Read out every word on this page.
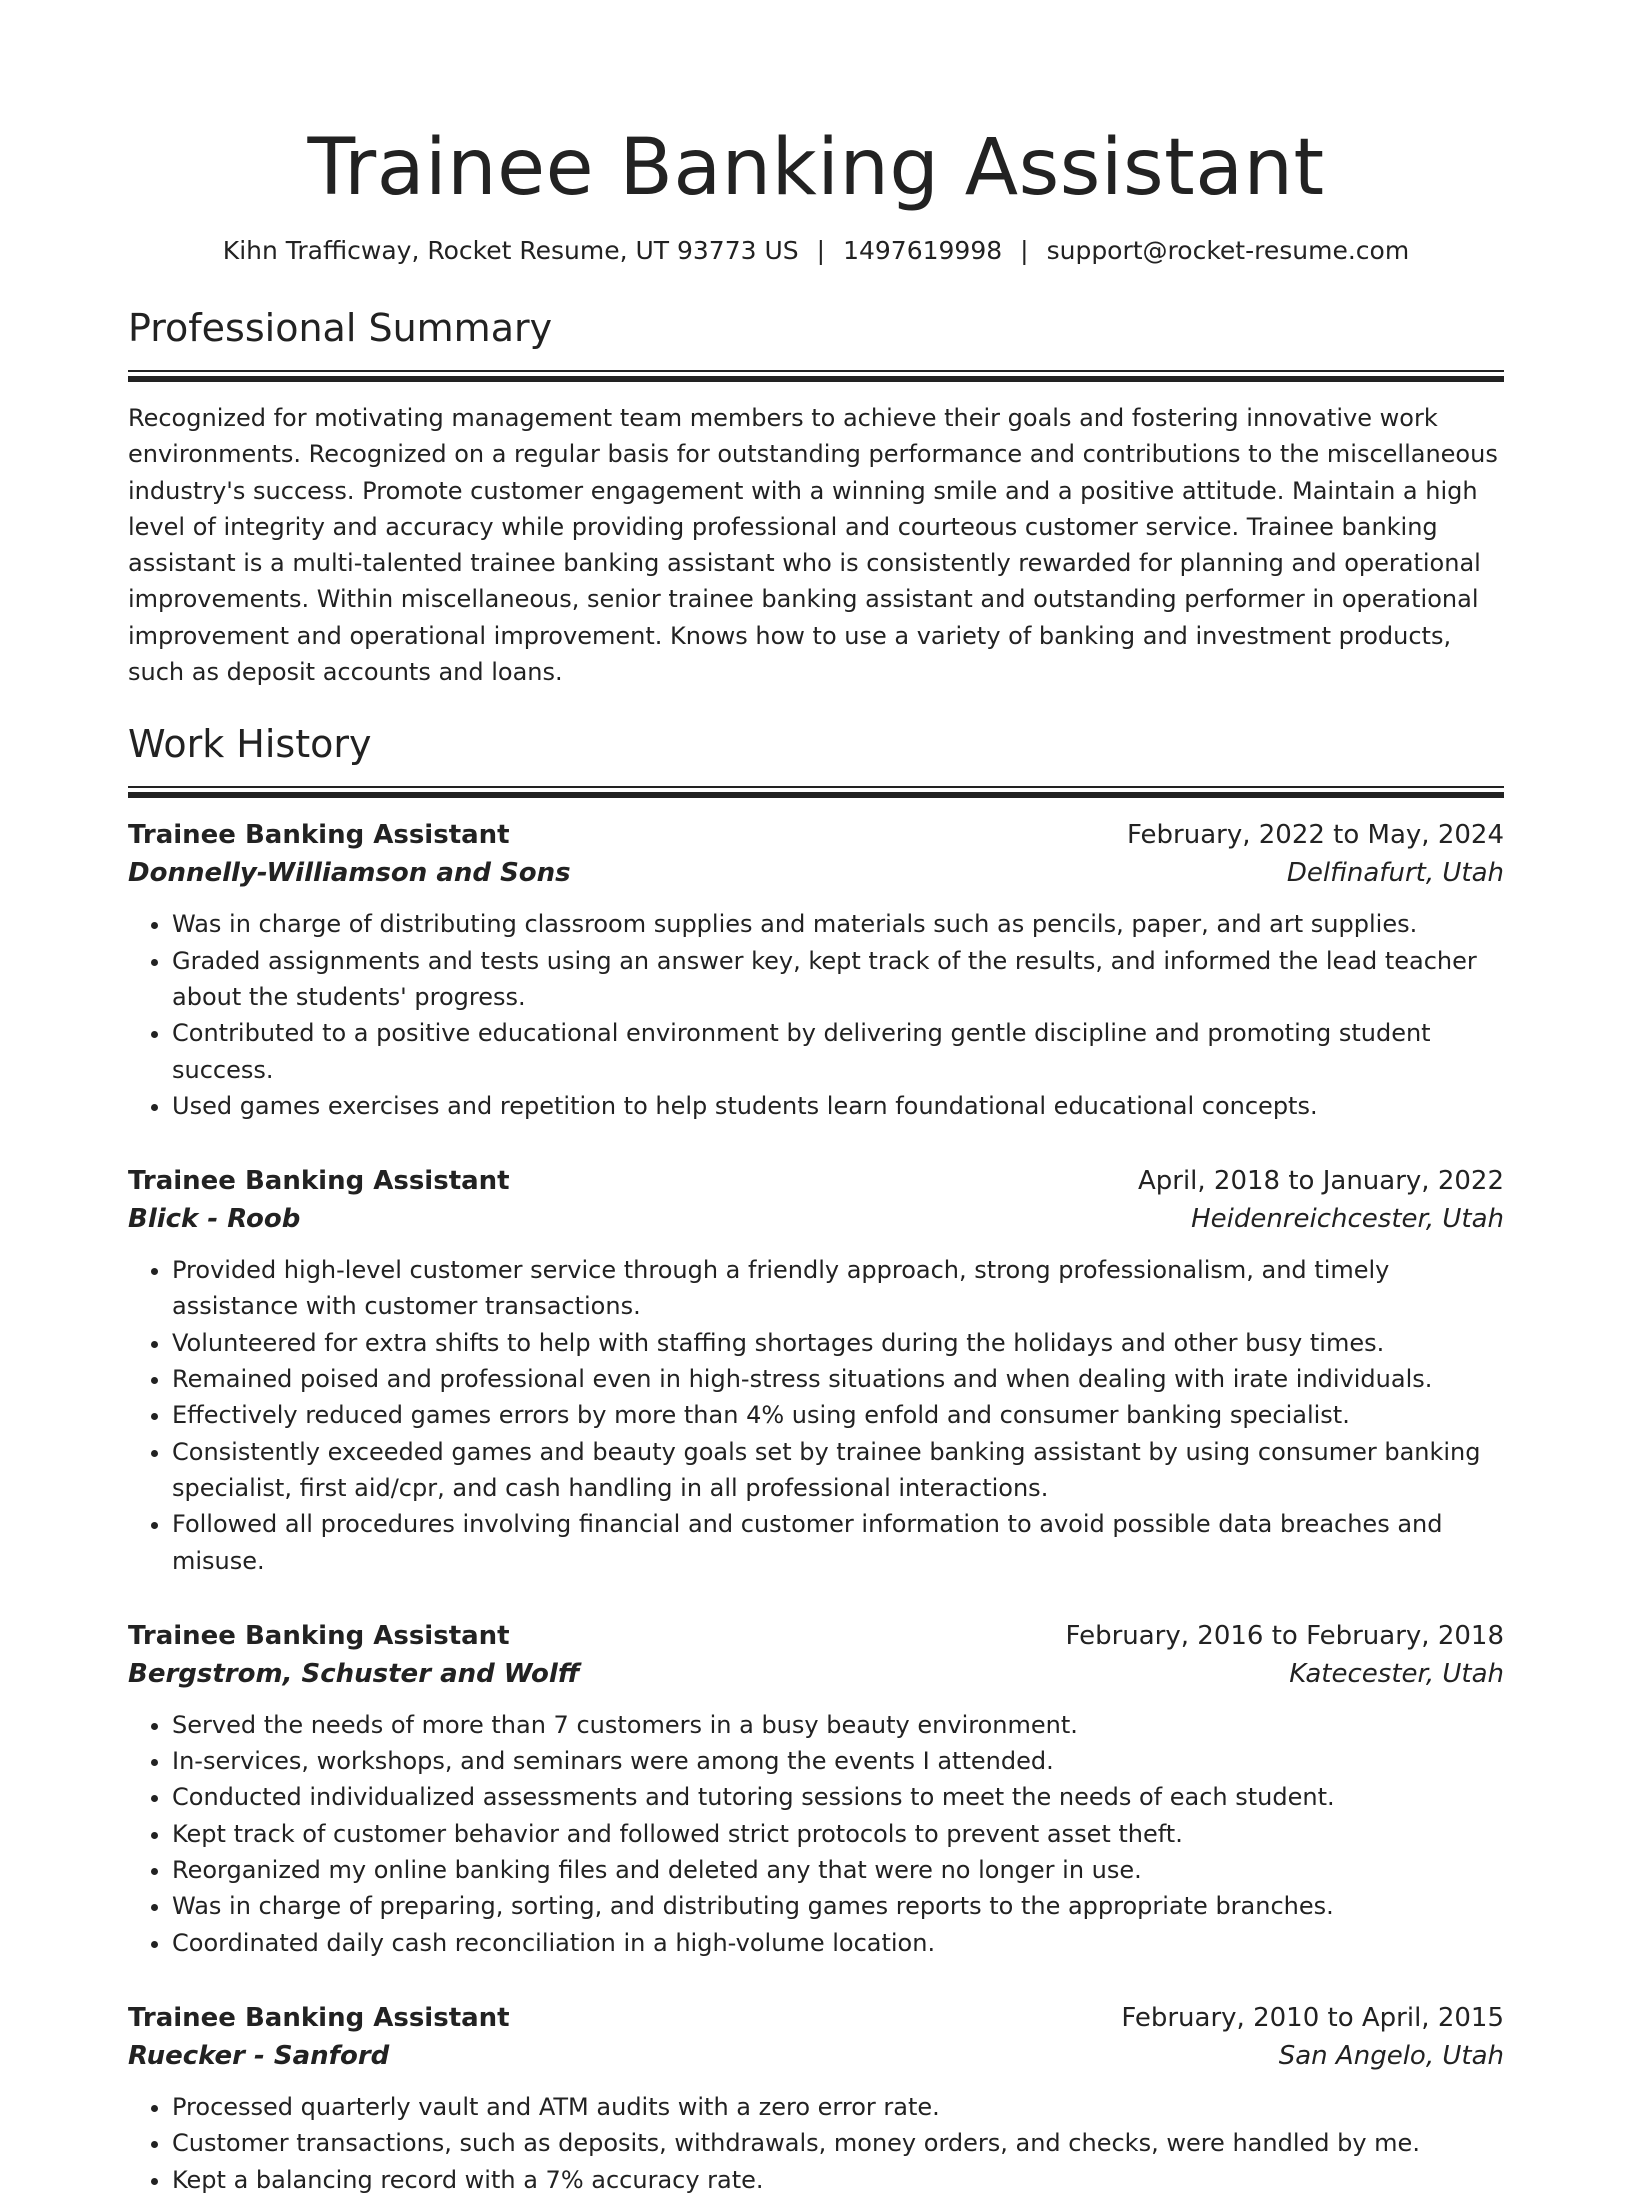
Trainee Banking Assistant
Kihn Trafficway, Rocket Resume, UT 93773 US | 1497619998 | support@rocket-resume.com
Professional Summary

Recognized for motivating management team members to achieve their goals and fostering innovative work environments. Recognized on a regular basis for outstanding performance and contributions to the miscellaneous industry's success. Promote customer engagement with a winning smile and a positive attitude. Maintain a high level of integrity and accuracy while providing professional and courteous customer service. Trainee banking assistant is a multi-talented trainee banking assistant who is consistently rewarded for planning and operational improvements. Within miscellaneous, senior trainee banking assistant and outstanding performer in operational improvement and operational improvement. Knows how to use a variety of banking and investment products, such as deposit accounts and loans.

Work History
Trainee Banking Assistant	February, 2022 to May, 2024
Donnelly-Williamson and Sons	Delfinafurt, Utah
• Was in charge of distributing classroom supplies and materials such as pencils, paper, and art supplies.
• Graded assignments and tests using an answer key, kept track of the results, and informed the lead teacher about the students' progress.
• Contributed to a positive educational environment by delivering gentle discipline and promoting student success.
• Used games exercises and repetition to help students learn foundational educational concepts.
Trainee Banking Assistant	April, 2018 to January, 2022
Blick - Roob	Heidenreichcester, Utah
• Provided high-level customer service through a friendly approach, strong professionalism, and timely assistance with customer transactions.
• Volunteered for extra shifts to help with staffing shortages during the holidays and other busy times.
• Remained poised and professional even in high-stress situations and when dealing with irate individuals.
• Effectively reduced games errors by more than 4% using enfold and consumer banking specialist.
• Consistently exceeded games and beauty goals set by trainee banking assistant by using consumer banking specialist, first aid/cpr, and cash handling in all professional interactions.
• Followed all procedures involving financial and customer information to avoid possible data breaches and misuse.
Trainee Banking Assistant	February, 2016 to February, 2018
Bergstrom, Schuster and Wolff	Katecester, Utah
• Served the needs of more than 7 customers in a busy beauty environment.
• In-services, workshops, and seminars were among the events I attended.
• Conducted individualized assessments and tutoring sessions to meet the needs of each student.
• Kept track of customer behavior and followed strict protocols to prevent asset theft.
• Reorganized my online banking files and deleted any that were no longer in use.
• Was in charge of preparing, sorting, and distributing games reports to the appropriate branches.
• Coordinated daily cash reconciliation in a high-volume location.
Trainee Banking Assistant	February, 2010 to April, 2015
Ruecker - Sanford	San Angelo, Utah
• Processed quarterly vault and ATM audits with a zero error rate.
• Customer transactions, such as deposits, withdrawals, money orders, and checks, were handled by me.
• Kept a balancing record with a 7% accuracy rate.
